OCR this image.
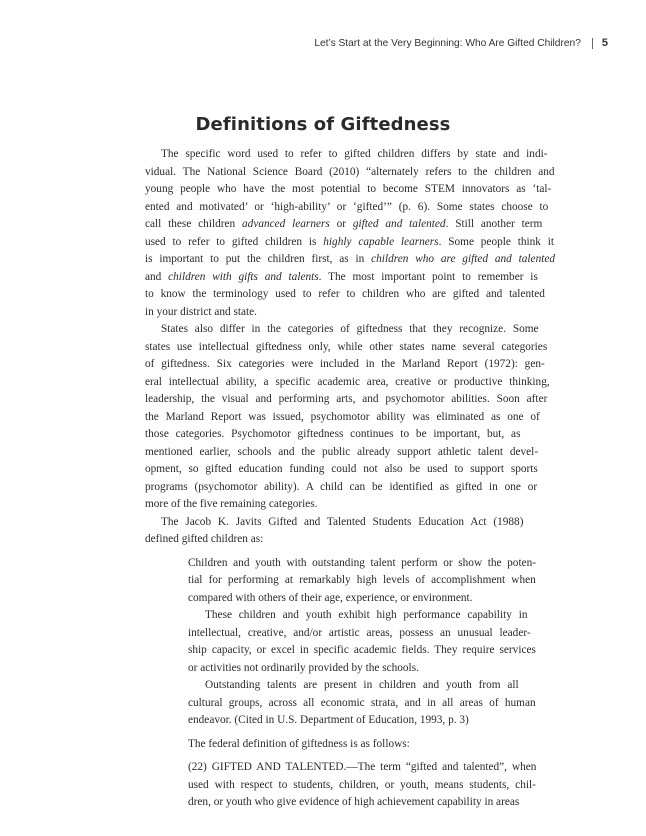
Let’s Start at the Very Beginning: Who Are Gifted Children? 5
Definitions of Giftedness
The specific word used to refer to gifted children differs by state and indi-
vidual. The National Science Board (2010) “alternately refers to the children and
young people who have the most potential to become STEM innovators as ‘tal-
ented and motivated’ or ‘high-ability’ or ‘gifted’” (p. 6). Some states choose to
call these children advanced learners or gifted and talented. Still another term
used to refer to gifted children is highly capable learners. Some people think it
is important to put the children first, as in children who are gifted and talented
and children with gifts and talents. The most important point to remember is
to know the terminology used to refer to children who are gifted and talented
in your district and state.
States also differ in the categories of giftedness that they recognize. Some
states use intellectual giftedness only, while other states name several categories
of giftedness. Six categories were included in the Marland Report (1972): gen-
eral intellectual ability, a specific academic area, creative or productive thinking,
leadership, the visual and performing arts, and psychomotor abilities. Soon after
the Marland Report was issued, psychomotor ability was eliminated as one of
those categories. Psychomotor giftedness continues to be important, but, as
mentioned earlier, schools and the public already support athletic talent devel-
opment, so gifted education funding could not also be used to support sports
programs (psychomotor ability). A child can be identified as gifted in one or
more of the five remaining categories.
The Jacob K. Javits Gifted and Talented Students Education Act (1988)
defined gifted children as:
Children and youth with outstanding talent perform or show the poten-
tial for performing at remarkably high levels of accomplishment when
compared with others of their age, experience, or environment.
These children and youth exhibit high performance capability in
intellectual, creative, and/or artistic areas, possess an unusual leader-
ship capacity, or excel in specific academic fields. They require services
or activities not ordinarily provided by the schools.
Outstanding talents are present in children and youth from all
cultural groups, across all economic strata, and in all areas of human
endeavor. (Cited in U.S. Department of Education, 1993, p. 3)
The federal definition of giftedness is as follows:
(22) GIFTED AND TALENTED.—The term “gifted and talented”, when
used with respect to students, children, or youth, means students, chil-
dren, or youth who give evidence of high achievement capability in areas
